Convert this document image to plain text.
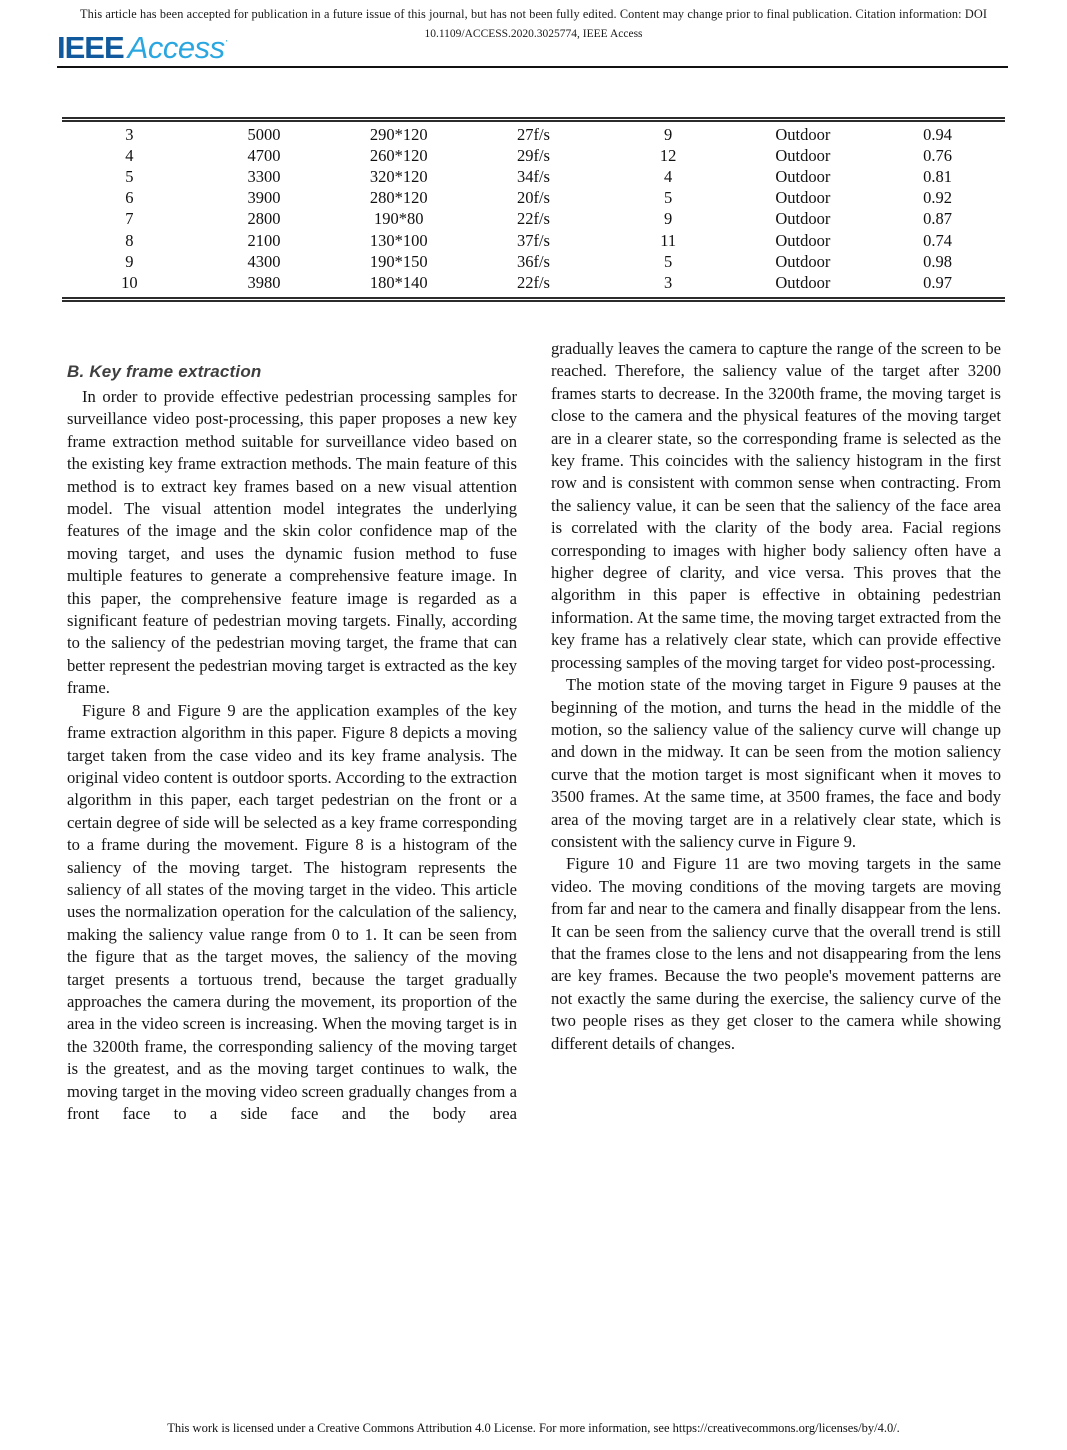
This article has been accepted for publication in a future issue of this journal, but has not been fully edited. Content may change prior to final publication. Citation information: DOI
10.1109/ACCESS.2020.3025774, IEEE Access
IEEE Access·
3	5000	290*120	27f/s	9	Outdoor	0.94
4	4700	260*120	29f/s	12	Outdoor	0.76
5	3300	320*120	34f/s	4	Outdoor	0.81
6	3900	280*120	20f/s	5	Outdoor	0.92
7	2800	190*80	22f/s	9	Outdoor	0.87
8	2100	130*100	37f/s	11	Outdoor	0.74
9	4300	190*150	36f/s	5	Outdoor	0.98
10	3980	180*140	22f/s	3	Outdoor	0.97
B. Key frame extraction

In order to provide effective pedestrian processing samples for surveillance video post-processing, this paper proposes a new key frame extraction method suitable for surveillance video based on the existing key frame extraction methods. The main feature of this method is to extract key frames based on a new visual attention model. The visual attention model integrates the underlying features of the image and the skin color confidence map of the moving target, and uses the dynamic fusion method to fuse multiple features to generate a comprehensive feature image. In this paper, the comprehensive feature image is regarded as a significant feature of pedestrian moving targets. Finally, according to the saliency of the pedestrian moving target, the frame that can better represent the pedestrian moving target is extracted as the key frame.

Figure 8 and Figure 9 are the application examples of the key frame extraction algorithm in this paper. Figure 8 depicts a moving target taken from the case video and its key frame analysis. The original video content is outdoor sports. According to the extraction algorithm in this paper, each target pedestrian on the front or a certain degree of side will be selected as a key frame corresponding to a frame during the movement. Figure 8 is a histogram of the saliency of the moving target. The histogram represents the saliency of all states of the moving target in the video. This article uses the normalization operation for the calculation of the saliency, making the saliency value range from 0 to 1. It can be seen from the figure that as the target moves, the saliency of the moving target presents a tortuous trend, because the target gradually approaches the camera during the movement, its proportion of the area in the video screen is increasing. When the moving target is in the 3200th frame, the corresponding saliency of the moving target is the greatest, and as the moving target continues to walk, the moving target in the moving video screen gradually changes from a front face to a side face and the body area

gradually leaves the camera to capture the range of the screen to be reached. Therefore, the saliency value of the target after 3200 frames starts to decrease. In the 3200th frame, the moving target is close to the camera and the physical features of the moving target are in a clearer state, so the corresponding frame is selected as the key frame. This coincides with the saliency histogram in the first row and is consistent with common sense when contracting. From the saliency value, it can be seen that the saliency of the face area is correlated with the clarity of the body area. Facial regions corresponding to images with higher body saliency often have a higher degree of clarity, and vice versa. This proves that the algorithm in this paper is effective in obtaining pedestrian information. At the same time, the moving target extracted from the key frame has a relatively clear state, which can provide effective processing samples of the moving target for video post-processing.

The motion state of the moving target in Figure 9 pauses at the beginning of the motion, and turns the head in the middle of the motion, so the saliency value of the saliency curve will change up and down in the midway. It can be seen from the motion saliency curve that the motion target is most significant when it moves to 3500 frames. At the same time, at 3500 frames, the face and body area of the moving target are in a relatively clear state, which is consistent with the saliency curve in Figure 9.

Figure 10 and Figure 11 are two moving targets in the same video. The moving conditions of the moving targets are moving from far and near to the camera and finally disappear from the lens. It can be seen from the saliency curve that the overall trend is still that the frames close to the lens and not disappearing from the lens are key frames. Because the two people's movement patterns are not exactly the same during the exercise, the saliency curve of the two people rises as they get closer to the camera while showing different details of changes.

This work is licensed under a Creative Commons Attribution 4.0 License. For more information, see https://creativecommons.org/licenses/by/4.0/.
